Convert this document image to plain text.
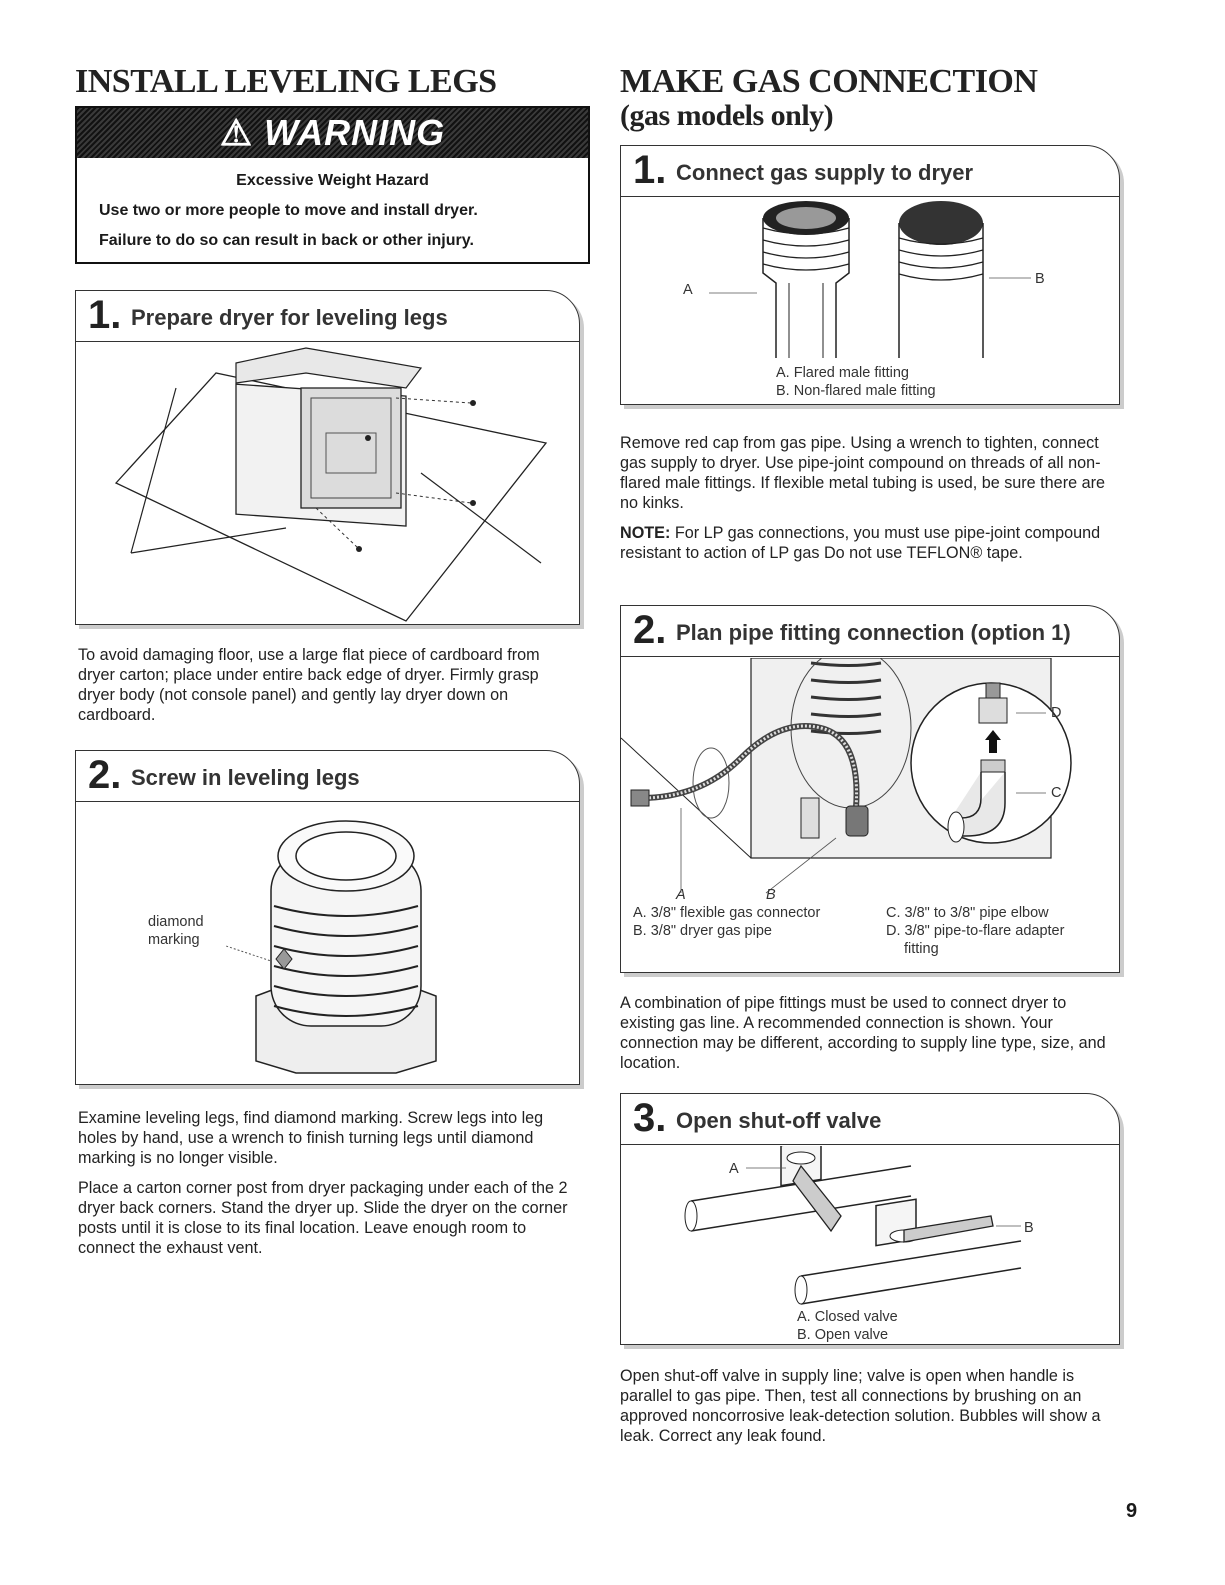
INSTALL LEVELING LEGS	MAKE GAS CONNECTION
(gas models only)
⚠ WARNING
Excessive Weight Hazard
Use two or more people to move and install dryer.
Failure to do so can result in back or other injury.
1. Prepare dryer for leveling legs
To avoid damaging floor, use a large flat piece of cardboard from dryer carton; place under entire back edge of dryer. Firmly grasp dryer body (not console panel) and gently lay dryer down on cardboard.
2. Screw in leveling legs
diamond
marking
Examine leveling legs, find diamond marking. Screw legs into leg holes by hand, use a wrench to finish turning legs until diamond marking is no longer visible.
Place a carton corner post from dryer packaging under each of the 2 dryer back corners. Stand the dryer up. Slide the dryer on the corner posts until it is close to its final location. Leave enough room to connect the exhaust vent.
1. Connect gas supply to dryer
A
B
A. Flared male fitting
B. Non-flared male fitting
Remove red cap from gas pipe. Using a wrench to tighten, connect gas supply to dryer. Use pipe-joint compound on threads of all non-flared male fittings. If flexible metal tubing is used, be sure there are no kinks.
NOTE: For LP gas connections, you must use pipe-joint compound resistant to action of LP gas Do not use TEFLON® tape.
2. Plan pipe fitting connection (option 1)
D
C
A	B
A. 3/8" flexible gas connector
B. 3/8" dryer gas pipe
C. 3/8" to 3/8" pipe elbow
D. 3/8" pipe-to-flare adapter
fitting
A combination of pipe fittings must be used to connect dryer to existing gas line. A recommended connection is shown. Your connection may be different, according to supply line type, size, and location.
3. Open shut-off valve
A
B
A. Closed valve
B. Open valve
Open shut-off valve in supply line; valve is open when handle is parallel to gas pipe. Then, test all connections by brushing on an approved noncorrosive leak-detection solution. Bubbles will show a leak. Correct any leak found.
9
